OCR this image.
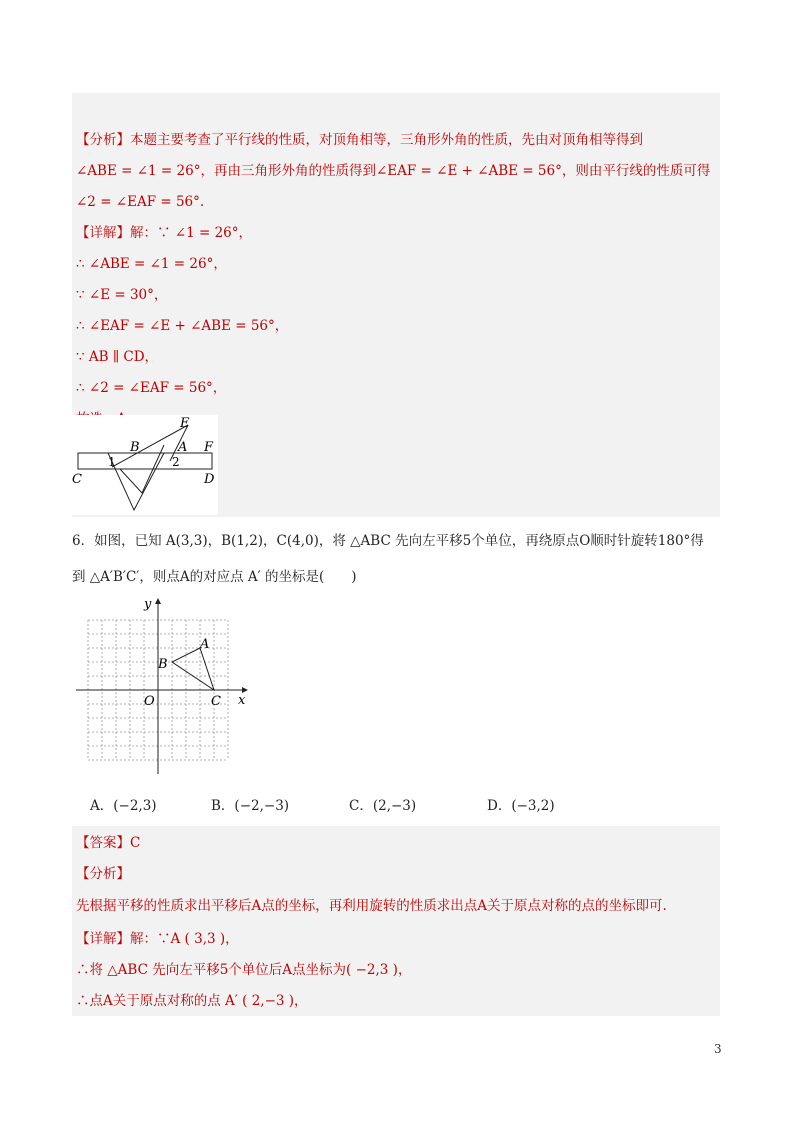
【分析】本题主要考查了平行线的性质，对顶角相等，三角形外角的性质，先由对顶角相等得到
∠ABE = ∠1 = 26°，再由三角形外角的性质得到∠EAF = ∠E + ∠ABE = 56°，则由平行线的性质可得
∠2 = ∠EAF = 56°.
【详解】解：∵ ∠1 = 26°，
∴ ∠ABE = ∠1 = 26°，
∵ ∠E = 30°，
∴ ∠EAF = ∠E + ∠ABE = 56°，
∵ AB ∥ CD，
∴ ∠2 = ∠EAF = 56°，
E
B	A F
1	2
C	D
6．如图，已知 A(3,3)，B(1,2)，C(4,0)，将 △ABC 先向左平移5个单位，再绕原点O顺时针旋转180°得
到 △A′B′C′，则点A的对应点 A′ 的坐标是(　　)
y
x
O
A
B
C
A．(−2,3)	B．(−2,−3)	C．(2,−3)	D．(−3,2)
【答案】C
【分析】
先根据平移的性质求出平移后A点的坐标，再利用旋转的性质求出点A关于原点对称的点的坐标即可.
【详解】解：∵A ( 3,3 )，
∴将 △ABC 先向左平移5个单位后A点坐标为( −2,3 )，
∴点A关于原点对称的点 A′ ( 2,−3 )，
3
